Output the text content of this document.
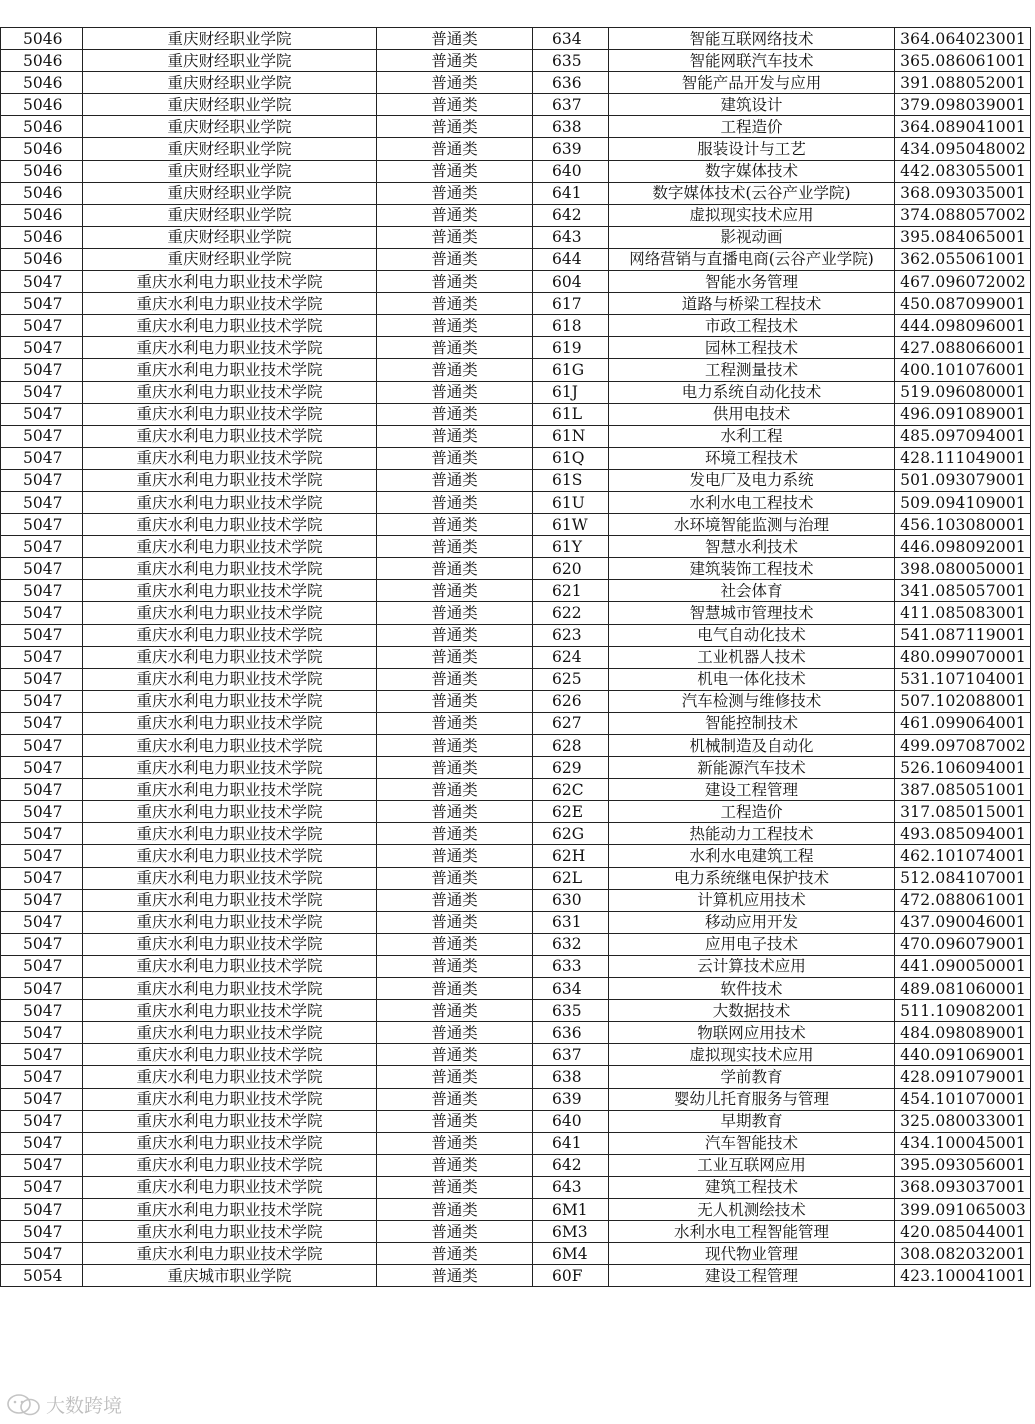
5046	重庆财经职业学院	普通类	634	智能互联网络技术	364.064023001
5046	重庆财经职业学院	普通类	635	智能网联汽车技术	365.086061001
5046	重庆财经职业学院	普通类	636	智能产品开发与应用	391.088052001
5046	重庆财经职业学院	普通类	637	建筑设计	379.098039001
5046	重庆财经职业学院	普通类	638	工程造价	364.089041001
5046	重庆财经职业学院	普通类	639	服装设计与工艺	434.095048002
5046	重庆财经职业学院	普通类	640	数字媒体技术	442.083055001
5046	重庆财经职业学院	普通类	641	数字媒体技术(云谷产业学院)	368.093035001
5046	重庆财经职业学院	普通类	642	虚拟现实技术应用	374.088057002
5046	重庆财经职业学院	普通类	643	影视动画	395.084065001
5046	重庆财经职业学院	普通类	644	网络营销与直播电商(云谷产业学院)	362.055061001
5047	重庆水利电力职业技术学院	普通类	604	智能水务管理	467.096072002
5047	重庆水利电力职业技术学院	普通类	617	道路与桥梁工程技术	450.087099001
5047	重庆水利电力职业技术学院	普通类	618	市政工程技术	444.098096001
5047	重庆水利电力职业技术学院	普通类	619	园林工程技术	427.088066001
5047	重庆水利电力职业技术学院	普通类	61G	工程测量技术	400.101076001
5047	重庆水利电力职业技术学院	普通类	61J	电力系统自动化技术	519.096080001
5047	重庆水利电力职业技术学院	普通类	61L	供用电技术	496.091089001
5047	重庆水利电力职业技术学院	普通类	61N	水利工程	485.097094001
5047	重庆水利电力职业技术学院	普通类	61Q	环境工程技术	428.111049001
5047	重庆水利电力职业技术学院	普通类	61S	发电厂及电力系统	501.093079001
5047	重庆水利电力职业技术学院	普通类	61U	水利水电工程技术	509.094109001
5047	重庆水利电力职业技术学院	普通类	61W	水环境智能监测与治理	456.103080001
5047	重庆水利电力职业技术学院	普通类	61Y	智慧水利技术	446.098092001
5047	重庆水利电力职业技术学院	普通类	620	建筑装饰工程技术	398.080050001
5047	重庆水利电力职业技术学院	普通类	621	社会体育	341.085057001
5047	重庆水利电力职业技术学院	普通类	622	智慧城市管理技术	411.085083001
5047	重庆水利电力职业技术学院	普通类	623	电气自动化技术	541.087119001
5047	重庆水利电力职业技术学院	普通类	624	工业机器人技术	480.099070001
5047	重庆水利电力职业技术学院	普通类	625	机电一体化技术	531.107104001
5047	重庆水利电力职业技术学院	普通类	626	汽车检测与维修技术	507.102088001
5047	重庆水利电力职业技术学院	普通类	627	智能控制技术	461.099064001
5047	重庆水利电力职业技术学院	普通类	628	机械制造及自动化	499.097087002
5047	重庆水利电力职业技术学院	普通类	629	新能源汽车技术	526.106094001
5047	重庆水利电力职业技术学院	普通类	62C	建设工程管理	387.085051001
5047	重庆水利电力职业技术学院	普通类	62E	工程造价	317.085015001
5047	重庆水利电力职业技术学院	普通类	62G	热能动力工程技术	493.085094001
5047	重庆水利电力职业技术学院	普通类	62H	水利水电建筑工程	462.101074001
5047	重庆水利电力职业技术学院	普通类	62L	电力系统继电保护技术	512.084107001
5047	重庆水利电力职业技术学院	普通类	630	计算机应用技术	472.088061001
5047	重庆水利电力职业技术学院	普通类	631	移动应用开发	437.090046001
5047	重庆水利电力职业技术学院	普通类	632	应用电子技术	470.096079001
5047	重庆水利电力职业技术学院	普通类	633	云计算技术应用	441.090050001
5047	重庆水利电力职业技术学院	普通类	634	软件技术	489.081060001
5047	重庆水利电力职业技术学院	普通类	635	大数据技术	511.109082001
5047	重庆水利电力职业技术学院	普通类	636	物联网应用技术	484.098089001
5047	重庆水利电力职业技术学院	普通类	637	虚拟现实技术应用	440.091069001
5047	重庆水利电力职业技术学院	普通类	638	学前教育	428.091079001
5047	重庆水利电力职业技术学院	普通类	639	婴幼儿托育服务与管理	454.101070001
5047	重庆水利电力职业技术学院	普通类	640	早期教育	325.080033001
5047	重庆水利电力职业技术学院	普通类	641	汽车智能技术	434.100045001
5047	重庆水利电力职业技术学院	普通类	642	工业互联网应用	395.093056001
5047	重庆水利电力职业技术学院	普通类	643	建筑工程技术	368.093037001
5047	重庆水利电力职业技术学院	普通类	6M1	无人机测绘技术	399.091065003
5047	重庆水利电力职业技术学院	普通类	6M3	水利水电工程智能管理	420.085044001
5047	重庆水利电力职业技术学院	普通类	6M4	现代物业管理	308.082032001
5054	重庆城市职业学院	普通类	60F	建设工程管理	423.100041001
大数跨境
